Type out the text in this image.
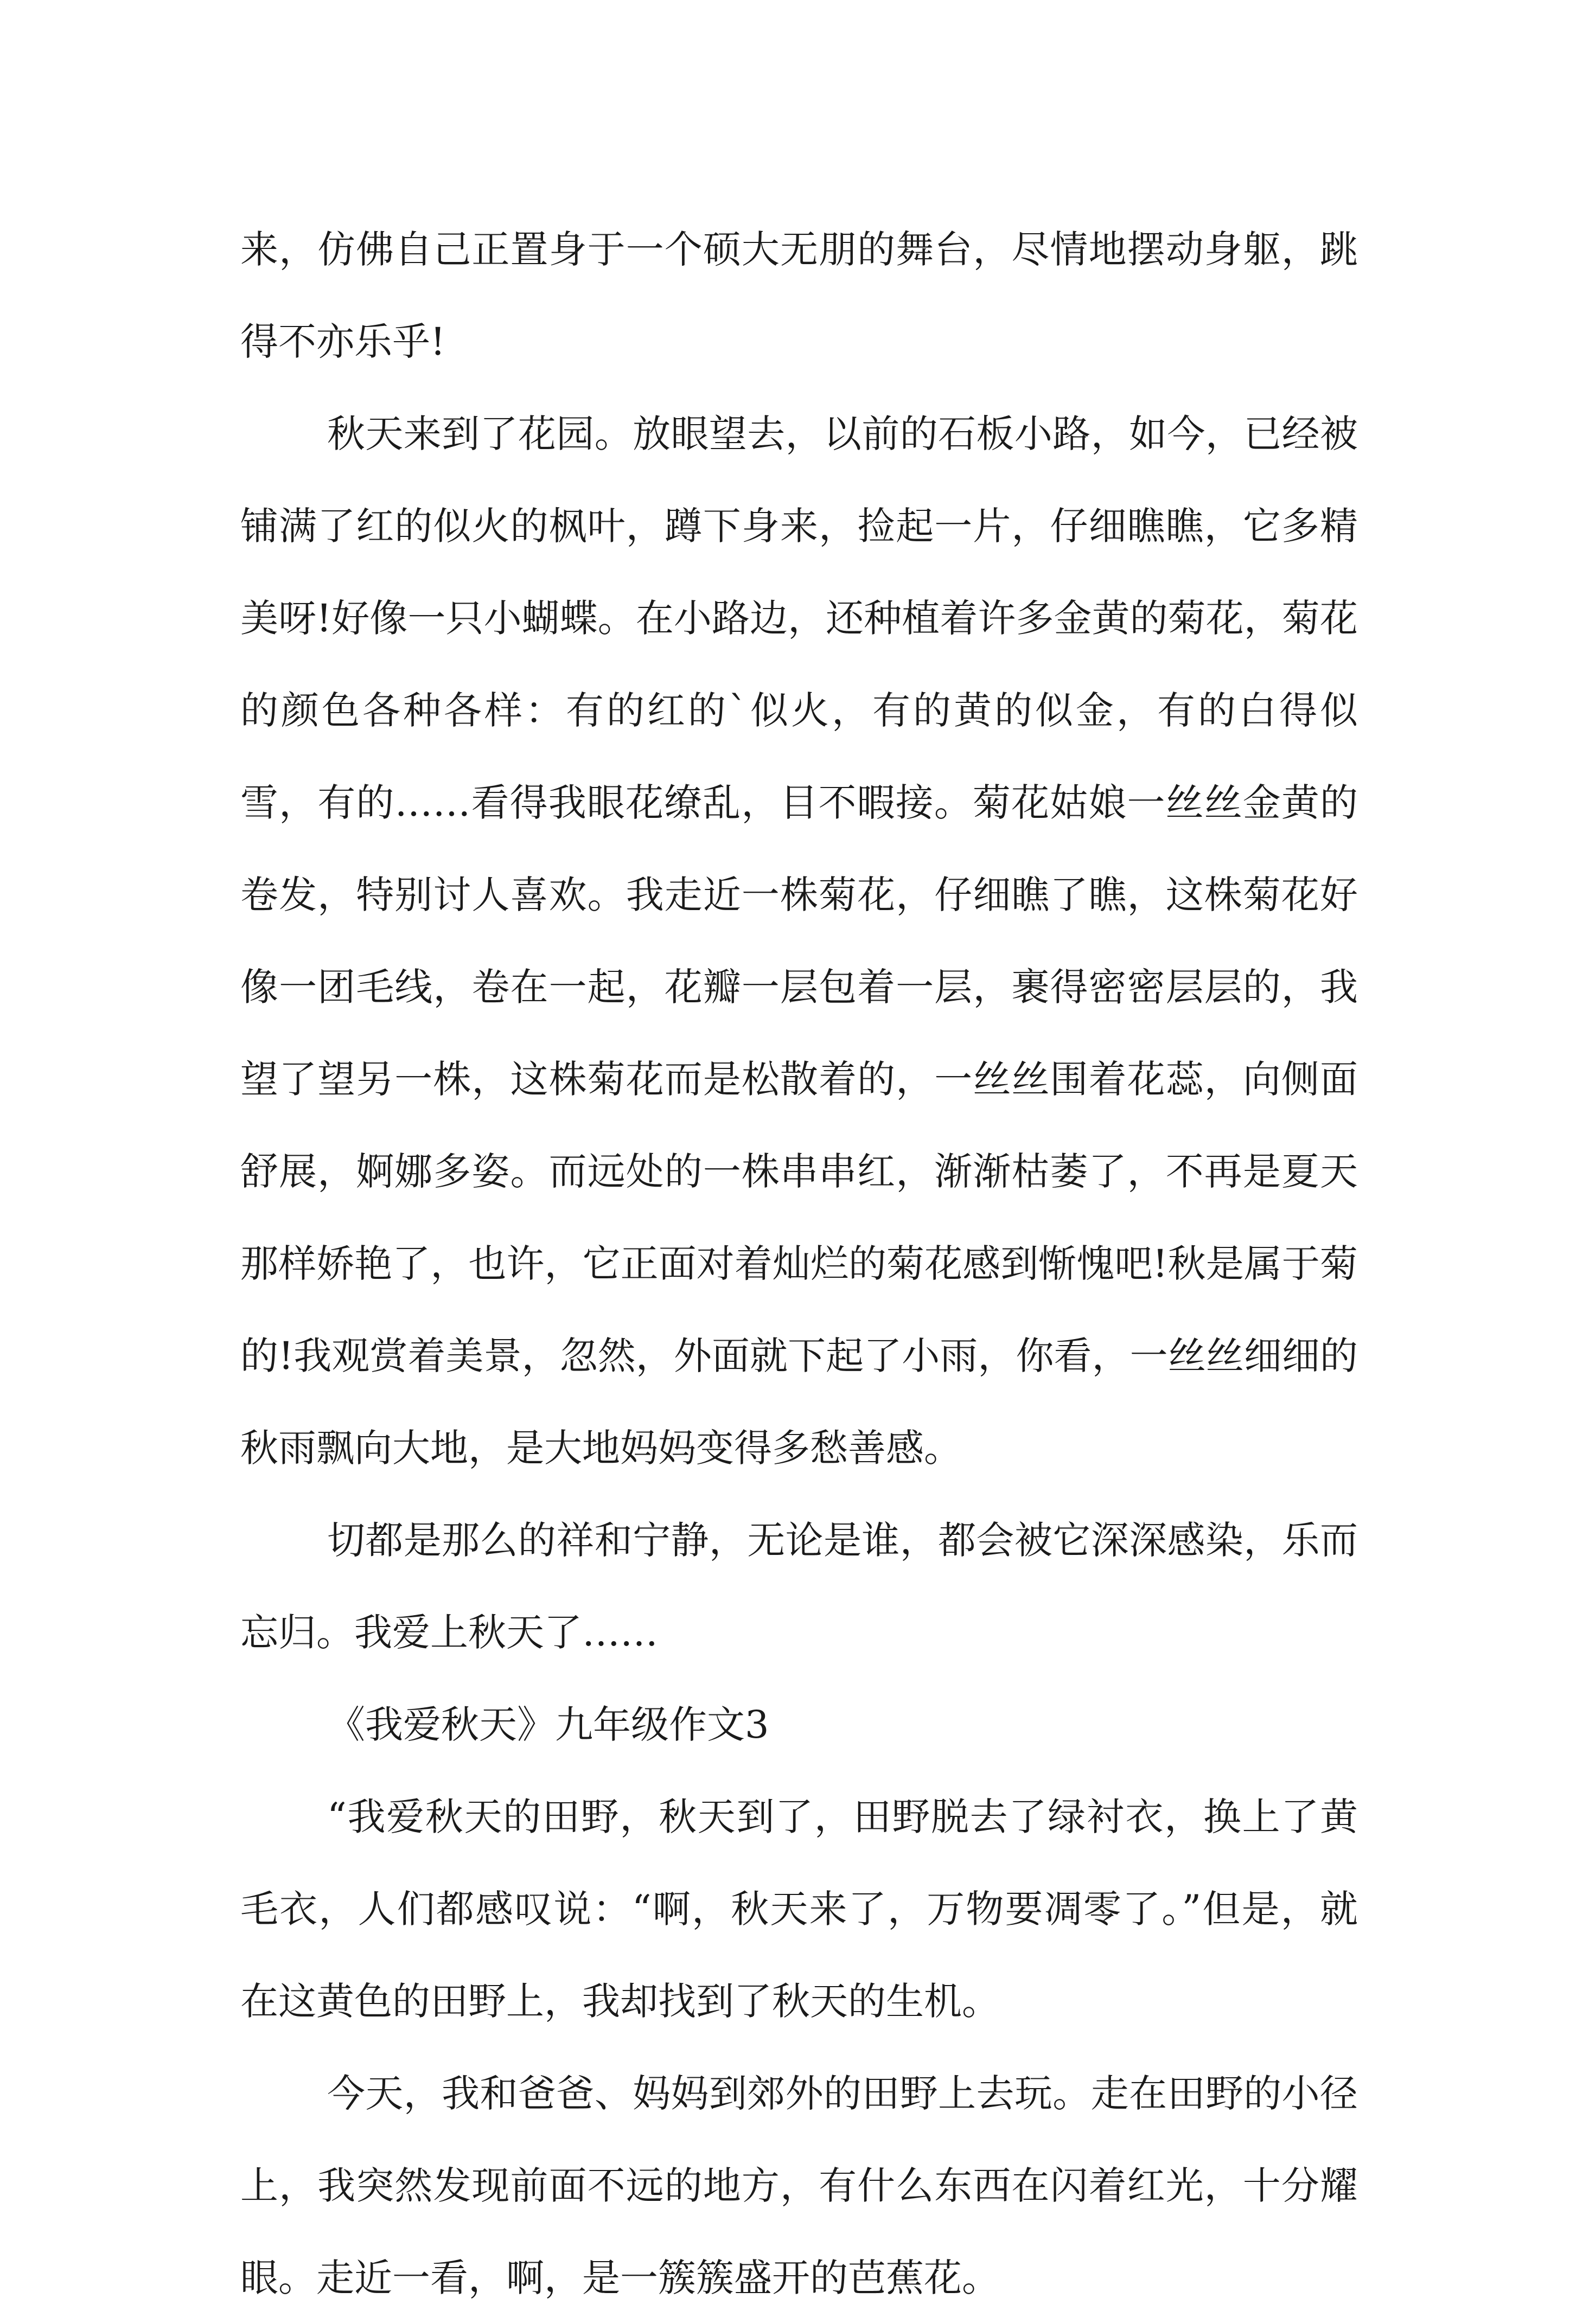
来，仿佛自己正置身于一个硕大无朋的舞台，尽情地摆动身躯，跳得不亦乐乎!

秋天来到了花园。放眼望去，以前的石板小路，如今，已经被铺满了红的似火的枫叶，蹲下身来，捡起一片，仔细瞧瞧，它多精美呀!好像一只小蝴蝶。在小路边，还种植着许多金黄的菊花，菊花的颜色各种各样：有的红的`似火，有的黄的似金，有的白得似雪，有的……看得我眼花缭乱，目不暇接。菊花姑娘一丝丝金黄的卷发，特别讨人喜欢。我走近一株菊花，仔细瞧了瞧，这株菊花好像一团毛线，卷在一起，花瓣一层包着一层，裹得密密层层的，我望了望另一株，这株菊花而是松散着的，一丝丝围着花蕊，向侧面舒展，婀娜多姿。而远处的一株串串红，渐渐枯萎了，不再是夏天那样娇艳了，也许，它正面对着灿烂的菊花感到惭愧吧!秋是属于菊的!我观赏着美景，忽然，外面就下起了小雨，你看，一丝丝细细的秋雨飘向大地，是大地妈妈变得多愁善感。

切都是那么的祥和宁静，无论是谁，都会被它深深感染，乐而忘归。我爱上秋天了……

《我爱秋天》九年级作文3

“我爱秋天的田野，秋天到了，田野脱去了绿衬衣，换上了黄毛衣，人们都感叹说：“啊，秋天来了，万物要凋零了。”但是，就在这黄色的田野上，我却找到了秋天的生机。

今天，我和爸爸、妈妈到郊外的田野上去玩。走在田野的小径上，我突然发现前面不远的地方，有什么东西在闪着红光，十分耀眼。走近一看，啊，是一簇簇盛开的芭蕉花。
